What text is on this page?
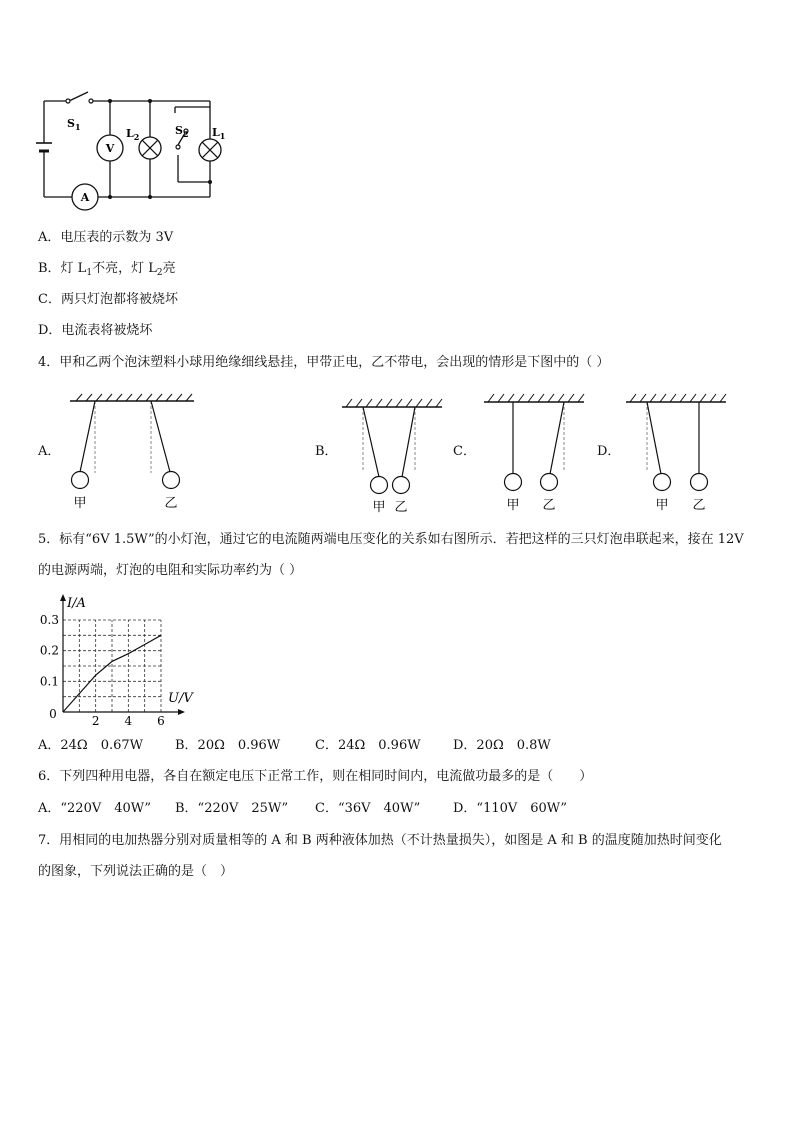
A
V
$S_1$	$L_2$	$S_2$ $L_1$
A．电压表的示数为 3V
B．灯 $L_1$不亮，灯 $L_2$亮
C．两只灯泡都将被烧坏
D．电流表将被烧坏
4．甲和乙两个泡沫塑料小球用绝缘细线悬挂，甲带正电，乙不带电，会出现的情形是下图中的（ ）
A．	B．	C．	D．
甲	乙	甲 乙	甲 乙	甲 乙
5．标有“6V 1.5W”的小灯泡，通过它的电流随两端电压变化的关系如右图所示．若把这样的三只灯泡串联起来，接在 12V
的电源两端，灯泡的电阻和实际功率约为（ ）
0	2 4 6
0.1
0.2
0.3
I/A
U/V
A．24Ω　0.67W B．20Ω　0.96W	C．24Ω　0.96W D．20Ω　0.8W
6．下列四种用电器，各自在额定电压下正常工作，则在相同时间内，电流做功最多的是（　　）
A．“220V　40W” B．“220V　25W” C．“36V　40W”	D．“110V　60W”
7．用相同的电加热器分别对质量相等的 A 和 B 两种液体加热（不计热量损失），如图是 A 和 B 的温度随加热时间变化
的图象，下列说法正确的是（　）
